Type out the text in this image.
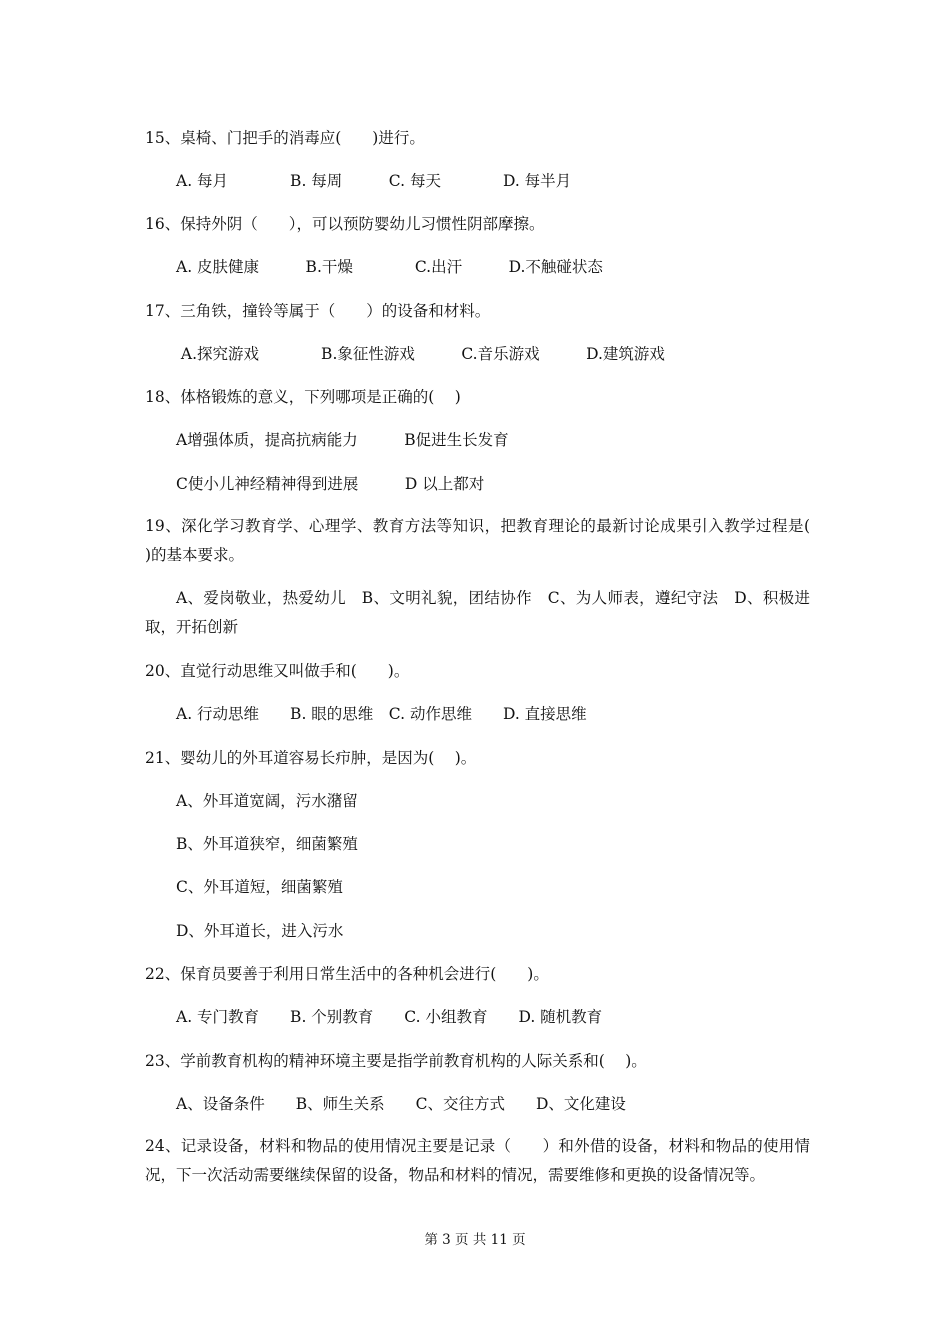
15、桌椅、门把手的消毒应(　　)进行。
A. 每月　　　　B. 每周　　　C. 每天　　　　D. 每半月
16、保持外阴（　　），可以预防婴幼儿习惯性阴部摩擦。
A. 皮肤健康　　　B.干燥　　　　C.出汗　　　D.不触碰状态
17、三角铁，撞铃等属于（　　）的设备和材料。
A.探究游戏　　　　B.象征性游戏　　　C.音乐游戏　　　D.建筑游戏
18、体格锻炼的意义，下列哪项是正确的(　 )
A增强体质，提高抗病能力　　　B促进生长发育
C使小儿神经精神得到进展　　　D 以上都对
19、深化学习教育学、心理学、教育方法等知识，把教育理论的最新讨论成果引入教学过程是(　 )的基本要求。
A、爱岗敬业，热爱幼儿　B、文明礼貌，团结协作　C、为人师表，遵纪守法　D、积极进取，开拓创新
20、直觉行动思维又叫做手和(　　)。
A. 行动思维　　B. 眼的思维　C. 动作思维　　D. 直接思维
21、婴幼儿的外耳道容易长疖肿，是因为(　 )。
A、外耳道宽阔，污水潴留
B、外耳道狭窄，细菌繁殖
C、外耳道短，细菌繁殖
D、外耳道长，进入污水
22、保育员要善于利用日常生活中的各种机会进行(　　)。
A. 专门教育　　B. 个别教育　　C. 小组教育　　D. 随机教育
23、学前教育机构的精神环境主要是指学前教育机构的人际关系和(　 )。
A、设备条件　　B、师生关系　　C、交往方式　　D、文化建设
24、记录设备，材料和物品的使用情况主要是记录（　　）和外借的设备，材料和物品的使用情况，下一次活动需要继续保留的设备，物品和材料的情况，需要维修和更换的设备情况等。
第 3 页 共 11 页
